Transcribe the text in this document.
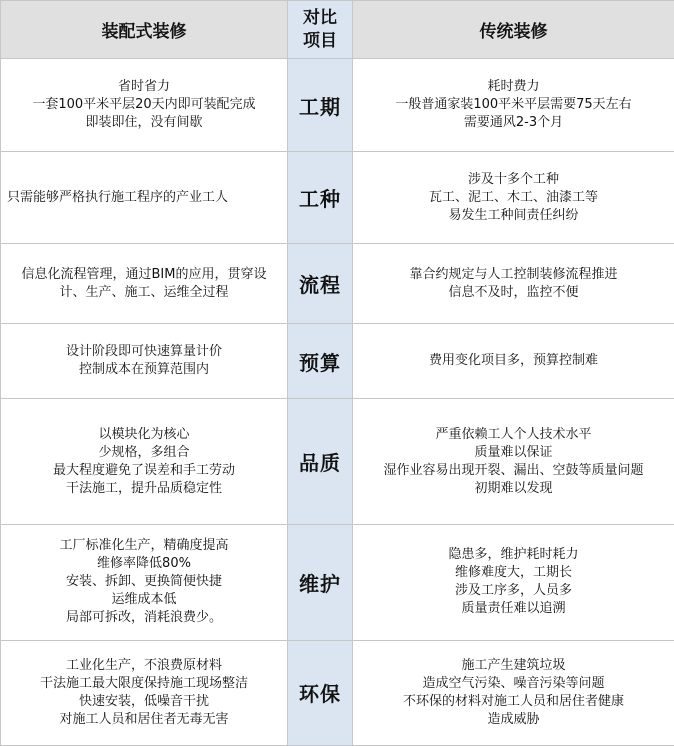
装配式装修	对比
项目	传统装修

省时省力
一套100平米平层20天内即可装配完成
即装即住，没有间歇	工期	耗时费力
一般普通家装100平米平层需要75天左右
需要通风2-3个月

只需能够严格执行施工程序的产业工人	工种	涉及十多个工种
瓦工、泥工、木工、油漆工等
易发生工种间责任纠纷

信息化流程管理，通过BIM的应用，贯穿设
计、生产、施工、运维全过程	流程	靠合约规定与人工控制装修流程推进
信息不及时，监控不便

设计阶段即可快速算量计价
控制成本在预算范围内	预算	费用变化项目多，预算控制难

以模块化为核心
少规格，多组合
最大程度避免了误差和手工劳动
干法施工，提升品质稳定性	品质	严重依赖工人个人技术水平
质量难以保证
湿作业容易出现开裂、漏出、空鼓等质量问题
初期难以发现

工厂标准化生产，精确度提高
维修率降低80%
安装、拆卸、更换简便快捷
运维成本低
局部可拆改，消耗浪费少。	维护	隐患多，维护耗时耗力
维修难度大，工期长
涉及工序多，人员多
质量责任难以追溯

工业化生产，不浪费原材料
干法施工最大限度保持施工现场整洁
快速安装，低噪音干扰
对施工人员和居住者无毒无害	环保	施工产生建筑垃圾
造成空气污染、噪音污染等问题
不环保的材料对施工人员和居住者健康
造成威胁
